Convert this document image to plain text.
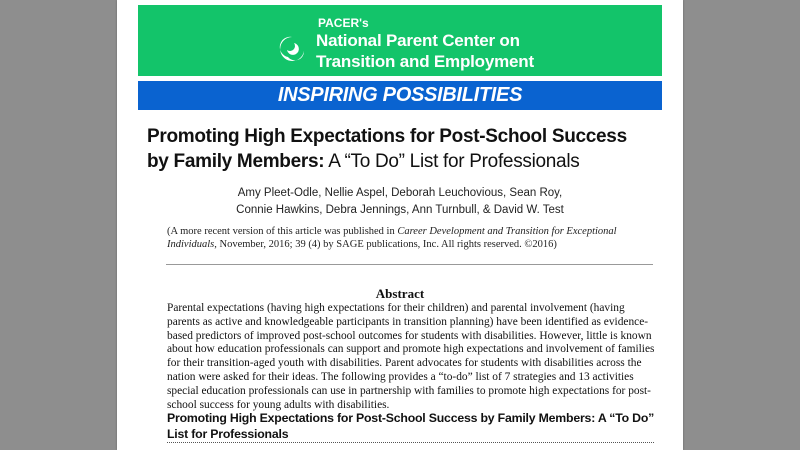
PACER's
National Parent Center on
Transition and Employment
INSPIRING POSSIBILITIES
Promoting High Expectations for Post-School Success
by Family Members: A “To Do” List for Professionals
Amy Pleet-Odle, Nellie Aspel, Deborah Leuchovious, Sean Roy,
Connie Hawkins, Debra Jennings, Ann Turnbull, & David W. Test
(A more recent version of this article was published in Career Development and Transition for Exceptional Individuals, November, 2016; 39 (4) by SAGE publications, Inc. All rights reserved. ©2016)
Abstract
Parental expectations (having high expectations for their children) and parental involvement (having parents as active and knowledgeable participants in transition planning) have been identified as evidence-based predictors of improved post-school outcomes for students with disabilities. However, little is known about how education professionals can support and promote high expectations and involvement of families for their transition-aged youth with disabilities. Parent advocates for students with disabilities across the nation were asked for their ideas. The following provides a “to-do” list of 7 strategies and 13 activities special education professionals can use in partnership with families to promote high expectations for post-school success for young adults with disabilities.
Promoting High Expectations for Post-School Success by Family Members: A “To Do” List for Professionals
